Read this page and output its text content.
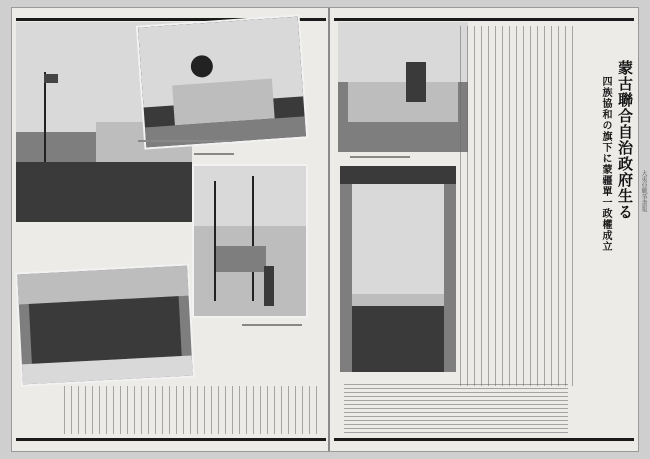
蒙古聯合自治政府生る
四族協和の旗下に蒙疆單一政權成立	大東亞戰爭畫報
